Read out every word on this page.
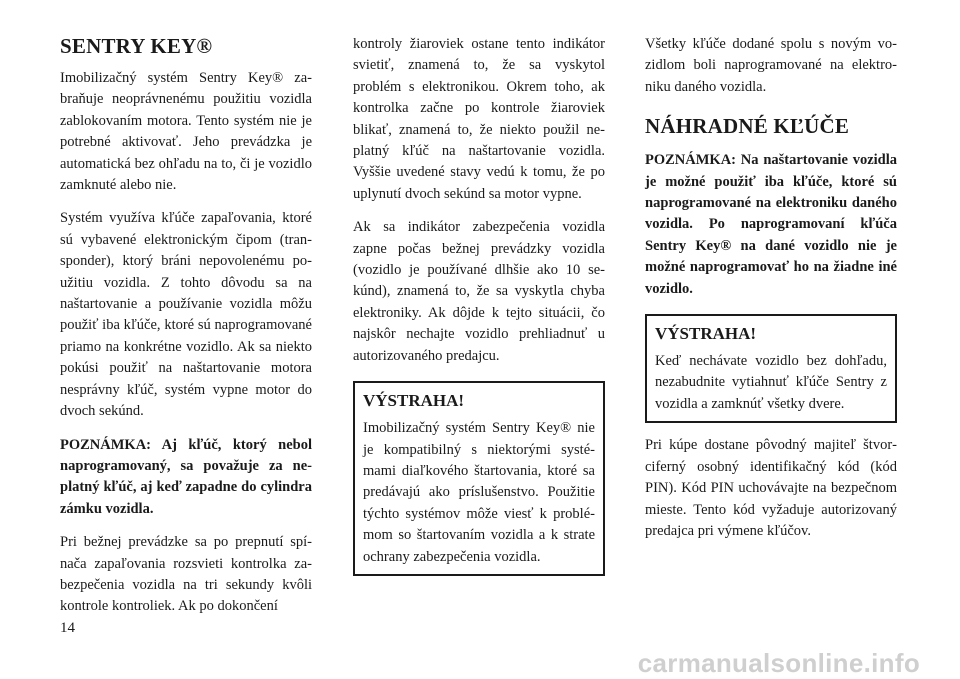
SENTRY KEY®

Imobilizačný systém Sentry Key® zabraňuje neoprávnenému použitiu vozidla zablokovaním motora. Tento systém nie je potrebné aktivovať. Jeho prevádzka je automatická bez ohľadu na to, či je vozidlo zamknuté alebo nie.

Systém využíva kľúče zapaľovania, ktoré sú vybavené elektronickým čipom (transponder), ktorý bráni nepovolenému použitiu vozidla. Z tohto dôvodu sa na naštartovanie a používanie vozidla môžu použiť iba kľúče, ktoré sú naprogramované priamo na konkrétne vozidlo. Ak sa niekto pokúsi použiť na naštartovanie motora nesprávny kľúč, systém vypne motor do dvoch sekúnd.

POZNÁMKA: Aj kľúč, ktorý nebol naprogramovaný, sa považuje za neplatný kľúč, aj keď zapadne do cylindra zámku vozidla.

Pri bežnej prevádzke sa po prepnutí spínača zapaľovania rozsvieti kontrolka zabezpečenia vozidla na tri sekundy kvôli kontrole kontroliek. Ak po dokončení

kontroly žiaroviek ostane tento indikátor svietiť, znamená to, že sa vyskytol problém s elektronikou. Okrem toho, ak kontrolka začne po kontrole žiaroviek blikať, znamená to, že niekto použil neplatný kľúč na naštartovanie vozidla. Vyššie uvedené stavy vedú k tomu, že po uplynutí dvoch sekúnd sa motor vypne.

Ak sa indikátor zabezpečenia vozidla zapne počas bežnej prevádzky vozidla (vozidlo je používané dlhšie ako 10 sekúnd), znamená to, že sa vyskytla chyba elektroniky. Ak dôjde k tejto situácii, čo najskôr nechajte vozidlo prehliadnuť u autorizovaného predajcu.

VÝSTRAHA!

Imobilizačný systém Sentry Key® nie je kompatibilný s niektorými systémami diaľkového štartovania, ktoré sa predávajú ako príslušenstvo. Použitie týchto systémov môže viesť k problémom so štartovaním vozidla a k strate ochrany zabezpečenia vozidla.

Všetky kľúče dodané spolu s novým vozidlom boli naprogramované na elektroniku daného vozidla.

NÁHRADNÉ KĽÚČE

POZNÁMKA: Na naštartovanie vozidla je možné použiť iba kľúče, ktoré sú naprogramované na elektroniku daného vozidla. Po naprogramovaní kľúča Sentry Key® na dané vozidlo nie je možné naprogramovať ho na žiadne iné vozidlo.

VÝSTRAHA!

Keď nechávate vozidlo bez dohľadu, nezabudnite vytiahnuť kľúče Sentry z vozidla a zamknúť všetky dvere.

Pri kúpe dostane pôvodný majiteľ štvorciferný osobný identifikačný kód (kód PIN). Kód PIN uchovávajte na bezpečnom mieste. Tento kód vyžaduje autorizovaný predajca pri výmene kľúčov.

14
carmanualsonline.info
